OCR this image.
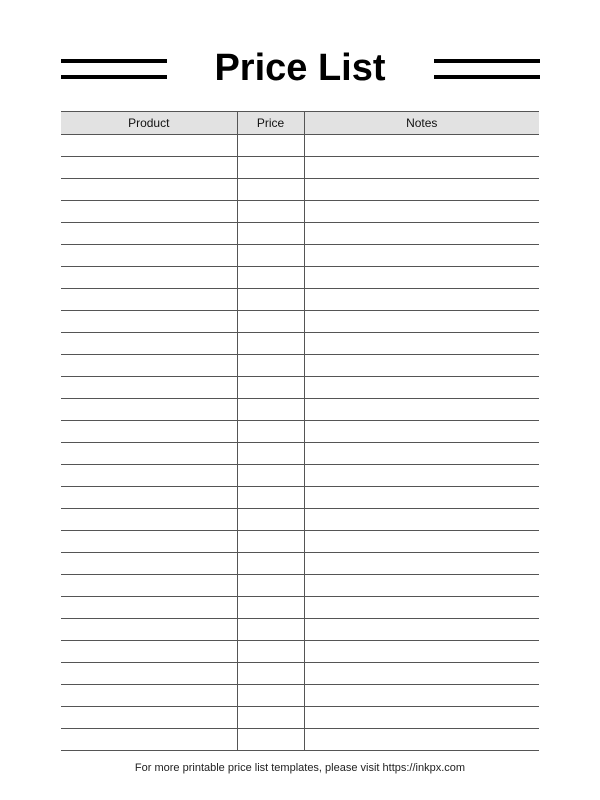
Price List
Product	Price	Notes

For more printable price list templates, please visit https://inkpx.com
